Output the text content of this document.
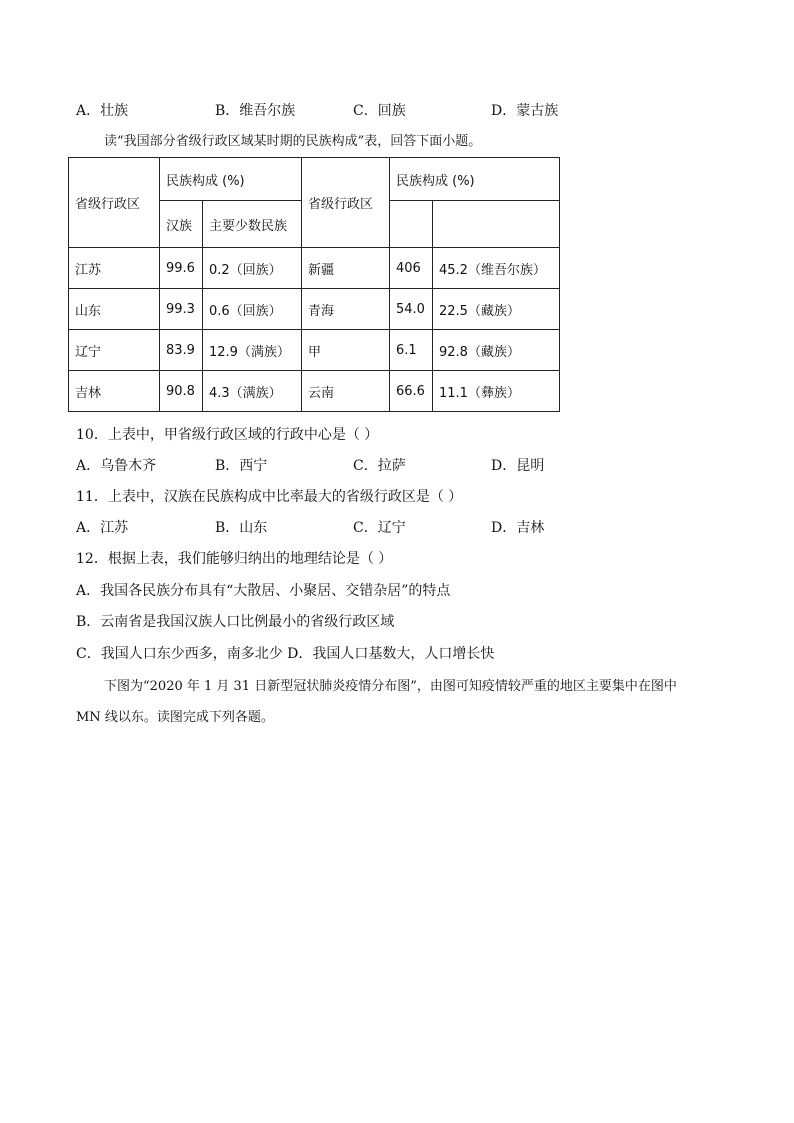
A．壮族	B．维吾尔族	C．回族	D．蒙古族
读“我国部分省级行政区域某时期的民族构成”表，回答下面小题。
省级行政区	民族构成 (%)		省级行政区	民族构成 (%)	
	汉族	主要少数民族			
江苏	99.6	0.2（回族）	新疆	406	45.2（维吾尔族）
山东	99.3	0.6（回族）	青海	54.0	22.5（藏族）
辽宁	83.9	12.9（满族）	甲	6.1	92.8（藏族）
吉林	90.8	4.3（满族）	云南	66.6	11.1（彝族）
10．上表中，甲省级行政区域的行政中心是（ ）
A．乌鲁木齐	B．西宁	C．拉萨	D．昆明
11．上表中，汉族在民族构成中比率最大的省级行政区是（ ）
A．江苏	B．山东	C．辽宁	D．吉林
12．根据上表，我们能够归纳出的地理结论是（ ）
A．我国各民族分布具有“大散居、小聚居、交错杂居”的特点
B．云南省是我国汉族人口比例最小的省级行政区域
C．我国人口东少西多，南多北少 D．我国人口基数大，人口增长快
下图为“2020 年 1 月 31 日新型冠状肺炎疫情分布图”，由图可知疫情较严重的地区主要集中在图中
MN 线以东。读图完成下列各题。
